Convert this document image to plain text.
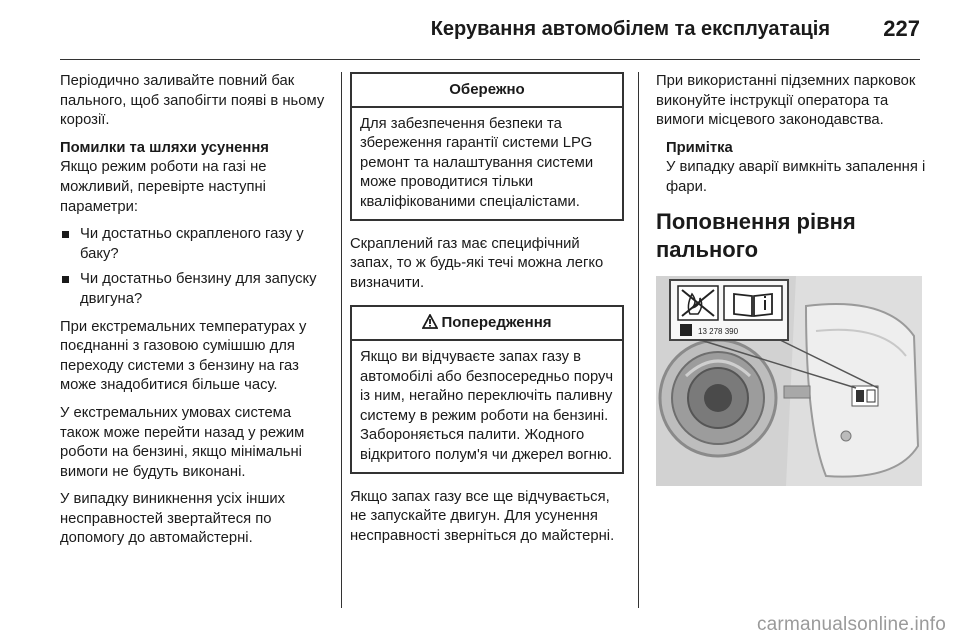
Керування автомобілем та експлуатація	227

Періодично заливайте повний бак пального, щоб запобігти появі в ньому корозії.

Помилки та шляхи усунення

Якщо режим роботи на газі не можливий, перевірте наступні параметри:

Чи достатньо скрапленого газу у баку?
Чи достатньо бензину для запуску двигуна?

При екстремальних температурах у поєднанні з газовою сумішшю для переходу системи з бензину на газ може знадобитися більше часу.

У екстремальних умовах система також може перейти назад у режим роботи на бензині, якщо мінімальні вимоги не будуть виконані.

У випадку виникнення усіх інших несправностей звертайтеся по допомогу до автомайстерні.

Обережно
Для забезпечення безпеки та збереження гарантії системи LPG ремонт та налаштування системи може проводитися тільки кваліфікованими спеціалістами.

Скраплений газ має специфічний запах, то ж будь-які течі можна легко визначити.

Попередження
Якщо ви відчуваєте запах газу в автомобілі або безпосередньо поруч із ним, негайно переключіть паливну систему в режим роботи на бензині. Забороняється палити. Жодного відкритого полум'я чи джерел вогню.

Якщо запах газу все ще відчувається, не запускайте двигун. Для усунення несправності зверніться до майстерні.

При використанні підземних парковок виконуйте інструкції оператора та вимоги місцевого законодавства.

Примітка

У випадку аварії вимкніть запалення і фари.

Поповнення рівня пального
13 278 390
carmanualsonline.info
